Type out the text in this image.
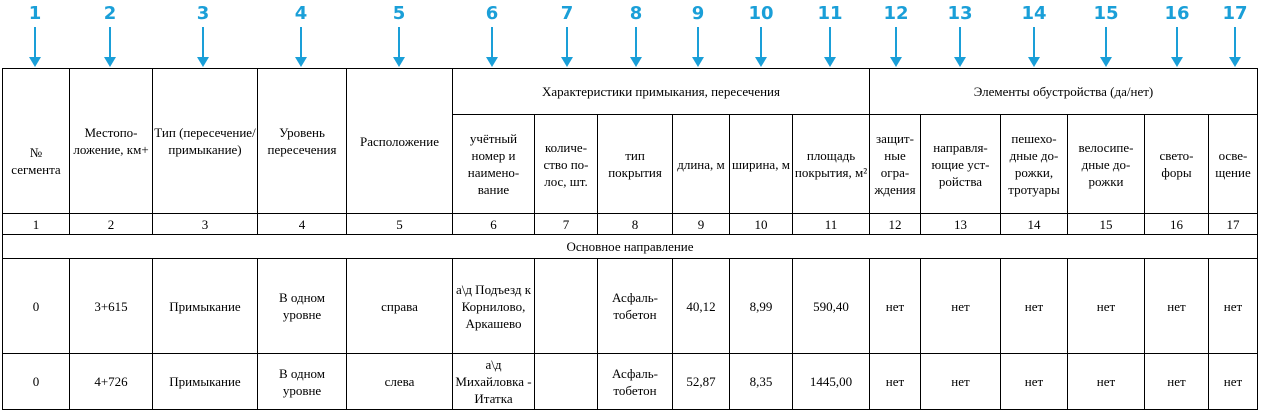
1	2	3	4	5	6	7	8	9	10	11	12	13	14	15	16	17
№ сегмента	Местопо-ложение, км+	Тип (пересечение/ примыкание)	Уровень пересечения	Расположение	Характеристики примыкания, пересечения						Элементы обустройства (да/нет)					
					учётный номер и наимено-вание	количе-ство по-лос, шт.	тип покрытия	длина, м	ширина, м	площадь покрытия, м²	защит-ные огра-ждения	направля-ющие уст-ройства	пешехо-дные до-рожки, тротуары	велосипе-дные до-рожки	свето-форы	осве-щение
1	2	3	4	5	6	7	8	9	10	11	12	13	14	15	16	17
Основное направление																
0	3+615	Примыкание	В одном уровне	справа	а\д Подъезд к Корнилово, Аркашево		Асфаль-тобетон	40,12	8,99	590,40	нет	нет	нет	нет	нет	нет
0	4+726	Примыкание	В одном уровне	слева	а\д Михайловка - Итатка		Асфаль-тобетон	52,87	8,35	1445,00	нет	нет	нет	нет	нет	нет
